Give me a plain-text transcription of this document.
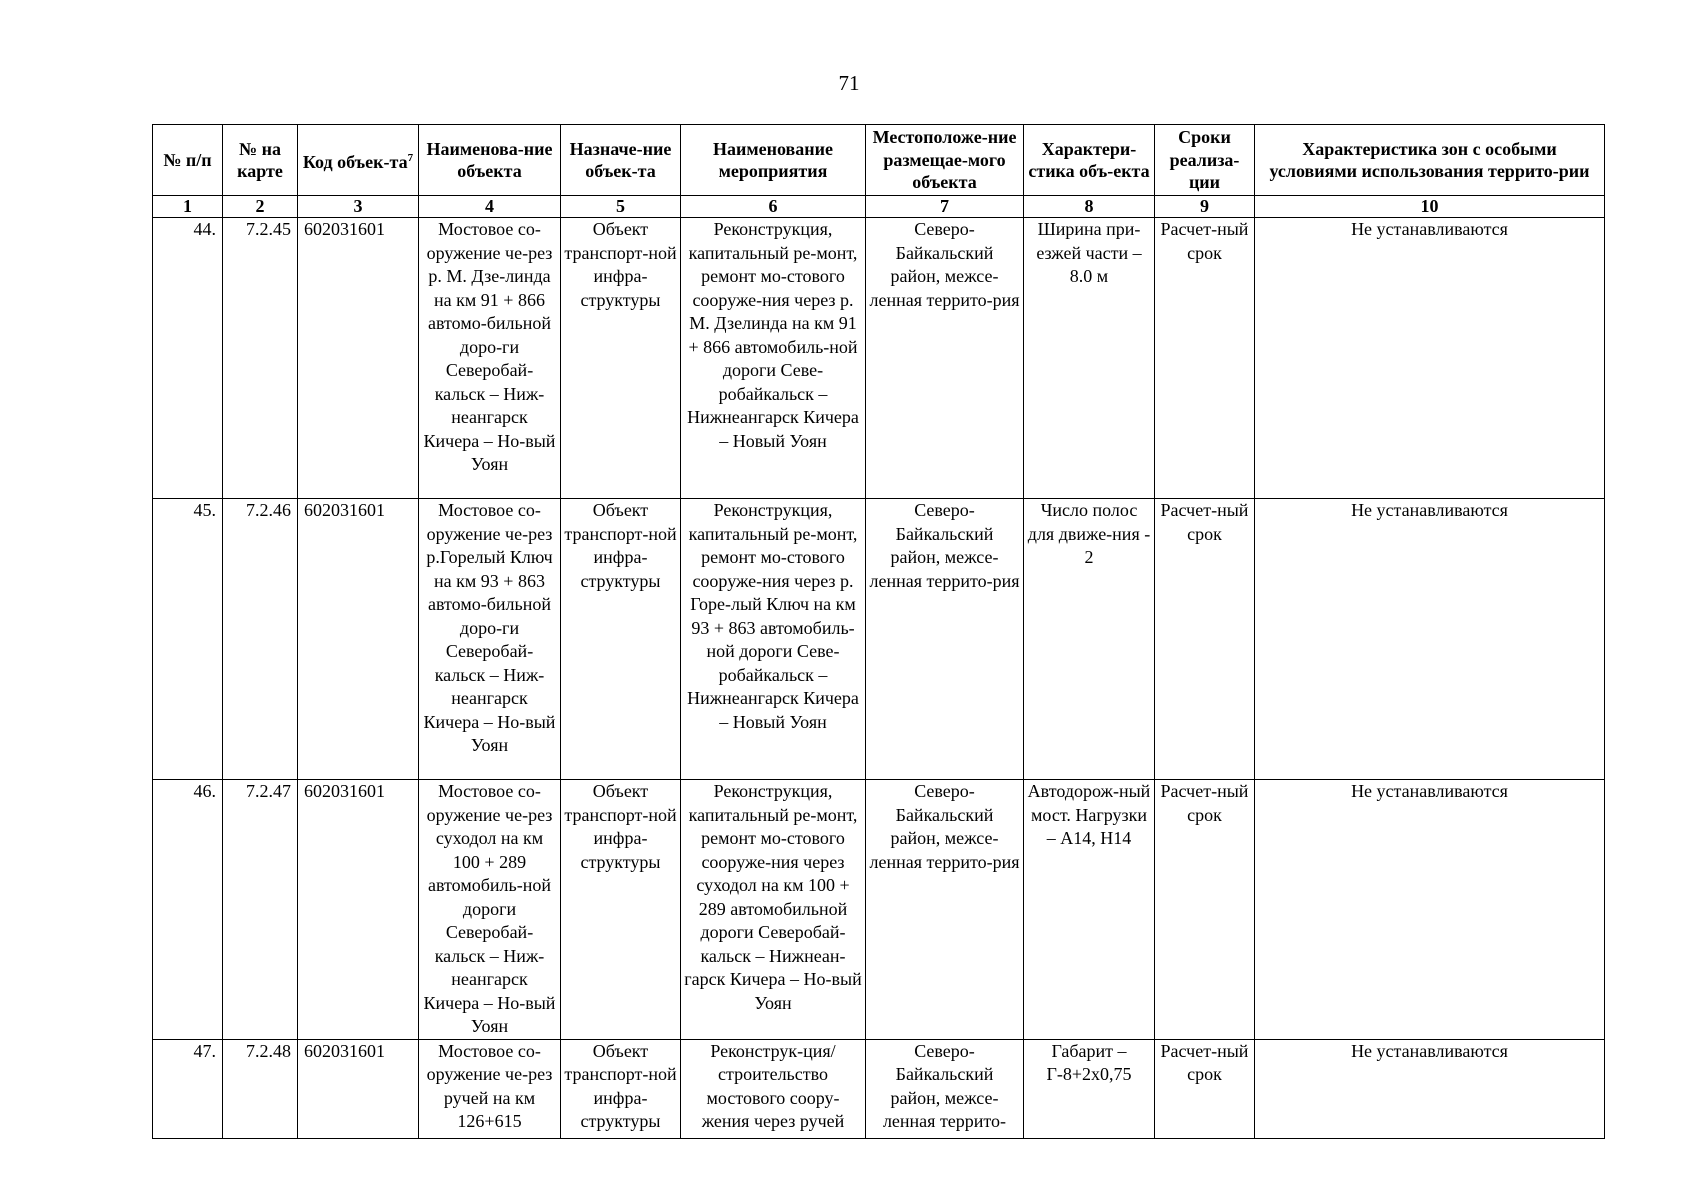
71
№ п/п	№ на карте	Код объек-$та^7$	Наименова-ние объекта	Назначе-ние объек-та	Наименование мероприятия	Местоположе-ние размещае-мого объекта	Характери-стика объ-екта	Сроки реализа-ции	Характеристика зон с особыми условиями использования террито-рии
1	2	3	4	5	6	7	8	9	10
44.	7.2.45	602031601	Мостовое со-оружение че-рез р. М. Дзе-линда на км 91 + 866 автомо-бильной доро-ги Северобай-кальск – Ниж-неангарск Кичера – Но-вый Уоян	Объект транспорт-ной инфра-структуры	Реконструкция, капитальный ре-монт, ремонт мо-стового сооруже-ния через р. М. Дзелинда на км 91 + 866 автомобиль-ной дороги Севе-робайкальск – Нижнеангарск Кичера – Новый Уоян	Северо-Байкальский район, межсе-ленная террито-рия	Ширина при-езжей части – 8.0 м	Расчет-ный срок	Не устанавливаются
45.	7.2.46	602031601	Мостовое со-оружение че-рез р.Горелый Ключ на км 93 + 863 автомо-бильной доро-ги Северобай-кальск – Ниж-неангарск Кичера – Но-вый Уоян	Объект транспорт-ной инфра-структуры	Реконструкция, капитальный ре-монт, ремонт мо-стового сооруже-ния через р. Горе-лый Ключ на км 93 + 863 автомобиль-ной дороги Севе-робайкальск – Нижнеангарск Кичера – Новый Уоян	Северо-Байкальский район, межсе-ленная террито-рия	Число полос для движе-ния - 2	Расчет-ный срок	Не устанавливаются
46.	7.2.47	602031601	Мостовое со-оружение че-рез суходол на км 100 + 289 автомобиль-ной дороги Северобай-кальск – Ниж-неангарск Кичера – Но-вый Уоян	Объект транспорт-ной инфра-структуры	Реконструкция, капитальный ре-монт, ремонт мо-стового сооруже-ния через суходол на км 100 + 289 автомобильной дороги Северобай-кальск – Нижнеан-гарск Кичера – Но-вый Уоян	Северо-Байкальский район, межсе-ленная террито-рия	Автодорож-ный мост. Нагрузки – А14, Н14	Расчет-ный срок	Не устанавливаются

47.	7.2.48	602031601	Мостовое со-оружение че-рез ручей на км 126+615	Объект транспорт-ной инфра-структуры	Реконструк-ция/строительство мостового соору-жения через ручей	Северо-Байкальский район, межсе-ленная террито-	Габарит – Г-8+2х0,75	Расчет-ный срок	Не устанавливаются
